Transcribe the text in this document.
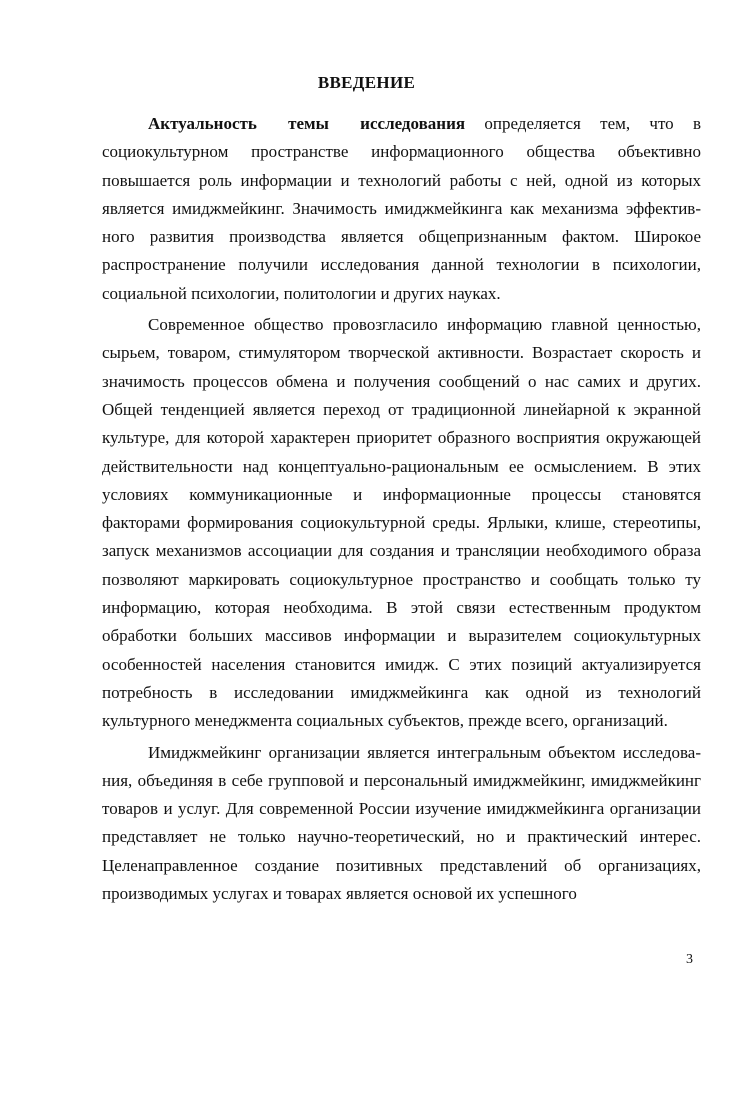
ВВЕДЕНИЕ

Актуальность темы исследования определяется тем, что в социокультурном пространстве информационного общества объективно повышается роль информации и технологий работы с ней, одной из которых является имиджмейкинг. Значимость имиджмейкинга как механизма эффективного развития производства является общепризнанным фактом. Широкое распространение получили исследования данной технологии в психологии, социальной психологии, политологии и других науках.

Современное общество провозгласило информацию главной ценностью, сырьем, товаром, стимулятором творческой активности. Возрастает скорость и значимость процессов обмена и получения сообщений о нас самих и других. Общей тенденцией является переход от традиционной линейарной к экранной культуре, для которой характерен приоритет образного восприятия окружающей действительности над концептуально-рациональным ее осмыслением. В этих условиях коммуникационные и информационные процессы становятся факторами формирования социокультурной среды. Ярлыки, клише, стереотипы, запуск механизмов ассоциации для создания и трансляции необходимого образа позволяют маркировать социокультурное пространство и сообщать только ту информацию, которая необходима. В этой связи естественным продуктом обработки больших массивов информации и выразителем социокультурных особенностей населения становится имидж. С этих позиций актуализируется потребность в исследовании имиджмейкинга как одной из технологий культурного менеджмента социальных субъектов, прежде всего, организаций.

Имиджмейкинг организации является интегральным объектом исследования, объединяя в себе групповой и персональный имиджмейкинг, имиджмейкинг товаров и услуг. Для современной России изучение имиджмейкинга организации представляет не только научно-теоретический, но и практический интерес. Целенаправленное создание позитивных представлений об организациях, производимых услугах и товарах является основой их успешного

3
